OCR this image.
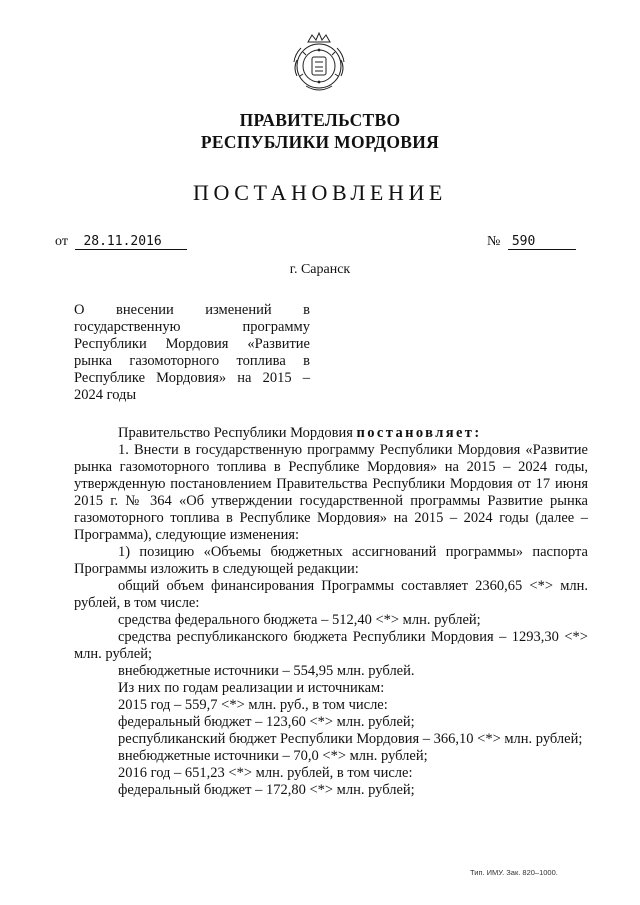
ПРАВИТЕЛЬСТВО
РЕСПУБЛИКИ МОРДОВИЯ
ПОСТАНОВЛЕНИЕ
от 28.11.2016	№ 590
г. Саранск
О внесении изменений в государственную программу Республики Мордовия «Развитие рынка газомоторного топлива в Республике Мордовия» на 2015 – 2024 годы

Правительство Республики Мордовия постановляет:

1. Внести в государственную программу Республики Мордовия «Развитие рынка газомоторного топлива в Республике Мордовия» на 2015 – 2024 годы, утвержденную постановлением Правительства Республики Мордовия от 17 июня 2015 г. № 364 «Об утверждении государственной программы Развитие рынка газомоторного топлива в Республике Мордовия» на 2015 – 2024 годы (далее – Программа), следующие изменения:

1) позицию «Объемы бюджетных ассигнований программы» паспорта Программы изложить в следующей редакции:

общий объем финансирования Программы составляет 2360,65 <*> млн. рублей, в том числе:

средства федерального бюджета – 512,40 <*> млн. рублей;

средства республиканского бюджета Республики Мордовия – 1293,30 <*> млн. рублей;

внебюджетные источники – 554,95 млн. рублей.

Из них по годам реализации и источникам:

2015 год – 559,7 <*> млн. руб., в том числе:

федеральный бюджет – 123,60 <*> млн. рублей;

республиканский бюджет Республики Мордовия – 366,10 <*> млн. рублей;

внебюджетные источники – 70,0 <*> млн. рублей;

2016 год – 651,23 <*> млн. рублей, в том числе:

федеральный бюджет – 172,80 <*> млн. рублей;

Тип. ИМУ. Зак. 820–1000.
